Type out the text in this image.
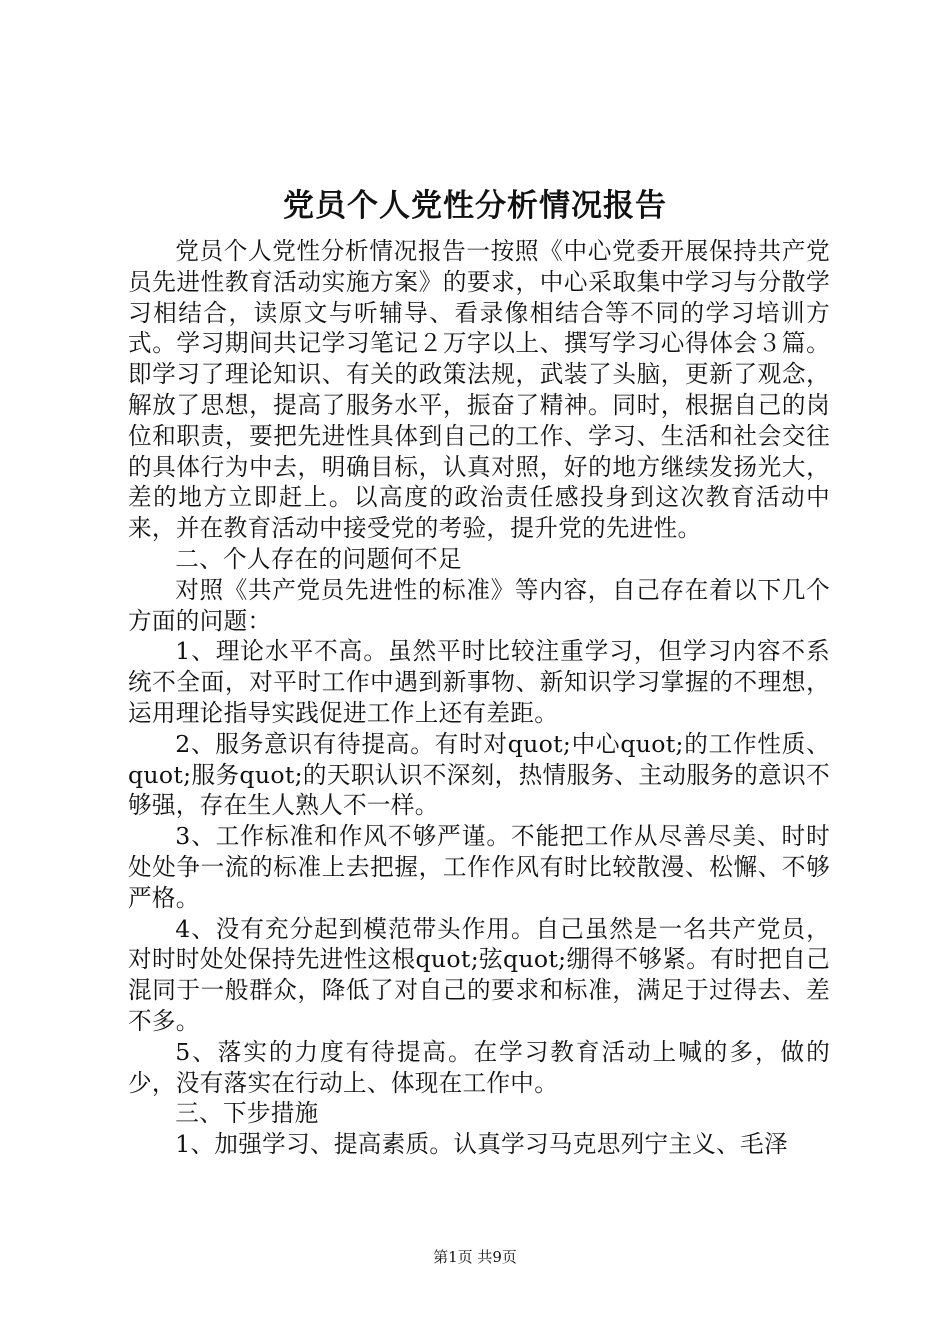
党员个人党性分析情况报告

党员个人党性分析情况报告一按照《中心党委开展保持共产党员先进性教育活动实施方案》的要求，中心采取集中学习与分散学习相结合，读原文与听辅导、看录像相结合等不同的学习培训方式。学习期间共记学习笔记２万字以上、撰写学习心得体会３篇。即学习了理论知识、有关的政策法规，武装了头脑，更新了观念，解放了思想，提高了服务水平，振奋了精神。同时，根据自己的岗位和职责，要把先进性具体到自己的工作、学习、生活和社会交往的具体行为中去，明确目标，认真对照，好的地方继续发扬光大，差的地方立即赶上。以高度的政治责任感投身到这次教育活动中来，并在教育活动中接受党的考验，提升党的先进性。

二、个人存在的问题何不足

对照《共产党员先进性的标准》等内容，自己存在着以下几个方面的问题：

1、理论水平不高。虽然平时比较注重学习，但学习内容不系统不全面，对平时工作中遇到新事物、新知识学习掌握的不理想，运用理论指导实践促进工作上还有差距。

2、服务意识有待提高。有时对quot;中心quot;的工作性质、quot;服务quot;的天职认识不深刻，热情服务、主动服务的意识不够强，存在生人熟人不一样。

3、工作标准和作风不够严谨。不能把工作从尽善尽美、时时处处争一流的标准上去把握，工作作风有时比较散漫、松懈、不够严格。

4、没有充分起到模范带头作用。自己虽然是一名共产党员，对时时处处保持先进性这根quot;弦quot;绷得不够紧。有时把自己混同于一般群众，降低了对自己的要求和标准，满足于过得去、差不多。

5、落实的力度有待提高。在学习教育活动上喊的多，做的少，没有落实在行动上、体现在工作中。

三、下步措施

1、加强学习、提高素质。认真学习马克思列宁主义、毛泽

第1页 共9页
